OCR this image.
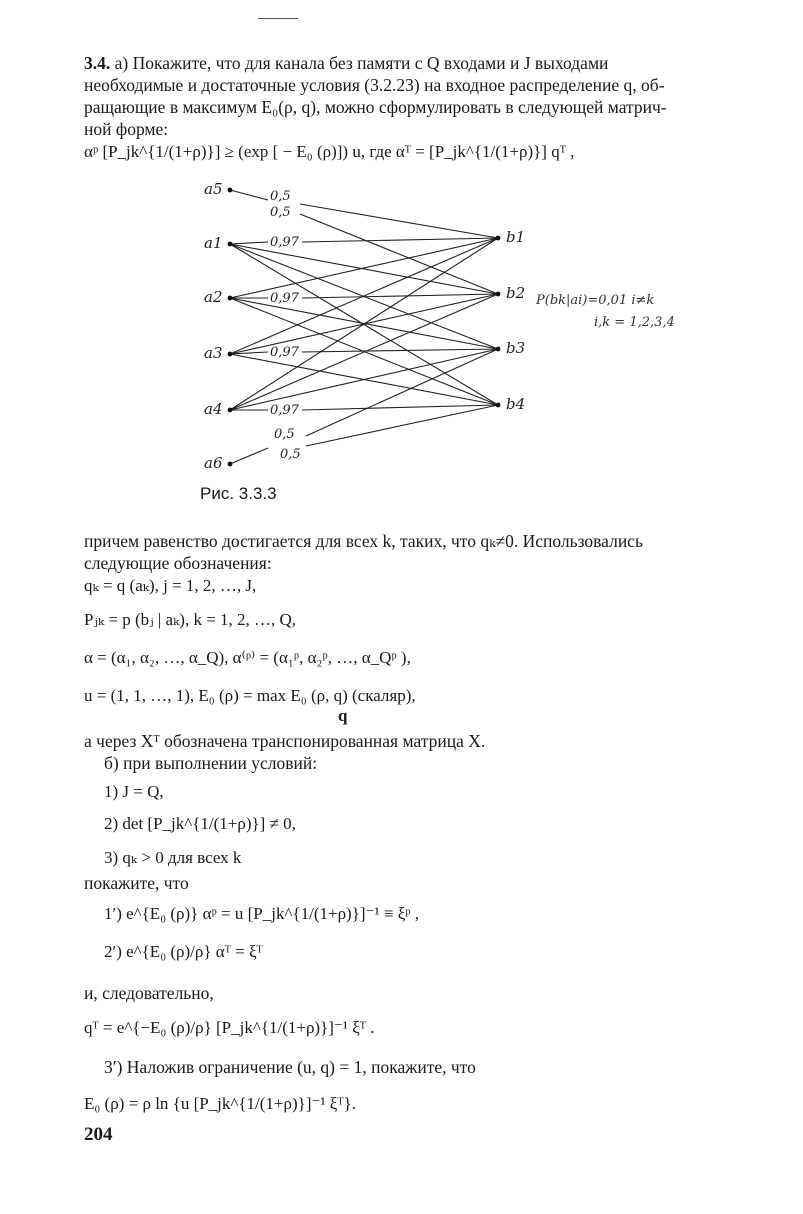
3.4. а) Покажите, что для канала без памяти с Q входами и J выходами
необходимые и достаточные условия (3.2.23) на входное распределение q, об-
ращающие в максимум E₀(ρ, q), можно сформулировать в следующей матрич-
ной форме:
αᵖ [P_jk^{1/(1+ρ)}] ≥ (exp [ − E₀ (ρ)]) u, где αᵀ = [P_jk^{1/(1+ρ)}] qᵀ ,
a5
a1
a2
a3
a4
a6
b1
b2
b3
b4
0,5
0,5
0,97
0,97
0,97
0,97
0,5
0,5
P(bk|ai)=0,01 i≠k
i,k = 1,2,3,4
Рис. 3.3.3
причем равенство достигается для всех k, таких, что qₖ≠0. Использовались
следующие обозначения:
qₖ = q (aₖ), j = 1, 2, …, J,
Pⱼₖ = p (bⱼ | aₖ), k = 1, 2, …, Q,
α = (α₁, α₂, …, α_Q), α⁽ᵖ⁾ = (α₁ᵖ, α₂ᵖ, …, α_Qᵖ ),
u = (1, 1, …, 1), E₀ (ρ) = max E₀ (ρ, q) (скаляр),
q
а через Xᵀ обозначена транспонированная матрица X.
б) при выполнении условий:
1) J = Q,
2) det [P_jk^{1/(1+ρ)}] ≠ 0,
3) qₖ > 0 для всех k
покажите, что
1′) e^{E₀ (ρ)} αᵖ = u [P_jk^{1/(1+ρ)}]⁻¹ ≡ ξᵖ ,
2′) e^{E₀ (ρ)/ρ} αᵀ = ξᵀ
и, следовательно,
qᵀ = e^{−E₀ (ρ)/ρ} [P_jk^{1/(1+ρ)}]⁻¹ ξᵀ .
3′) Наложив ограничение (u, q) = 1, покажите, что
E₀ (ρ) = ρ ln {u [P_jk^{1/(1+ρ)}]⁻¹ ξᵀ}.
204
